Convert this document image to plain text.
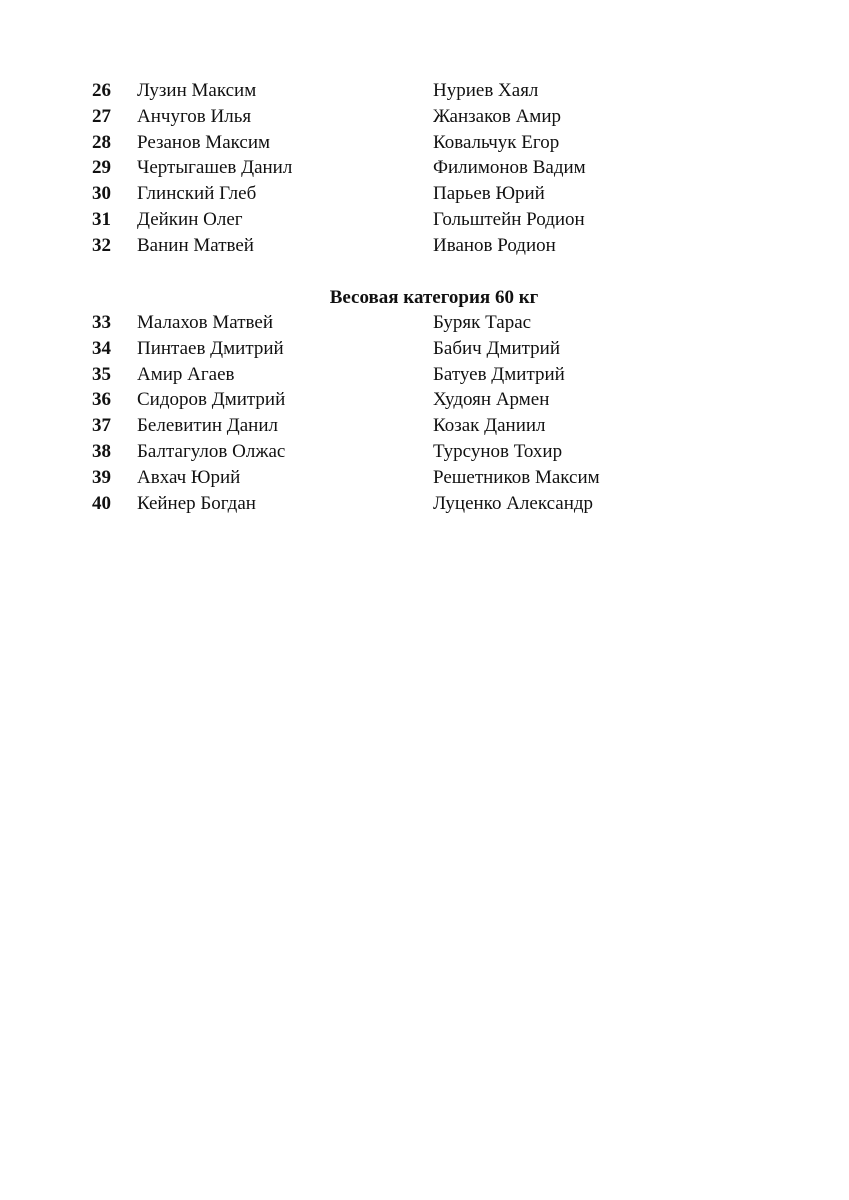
26	Лузин Максим	Нуриев Хаял
27	Анчугов Илья	Жанзаков Амир
28	Резанов Максим	Ковальчук Егор
29	Чертыгашев Данил	Филимонов Вадим
30	Глинский Глеб	Парьев Юрий
31	Дейкин Олег	Гольштейн Родион
32	Ванин Матвей	Иванов Родион
Весовая категория 60 кг
33	Малахов Матвей	Буряк Тарас
34	Пинтаев Дмитрий	Бабич Дмитрий
35	Амир Агаев	Батуев Дмитрий
36	Сидоров Дмитрий	Худоян Армен
37	Белевитин Данил	Козак Даниил
38	Балтагулов Олжас	Турсунов Тохир
39	Авхач Юрий	Решетников Максим
40	Кейнер Богдан	Луценко Александр
